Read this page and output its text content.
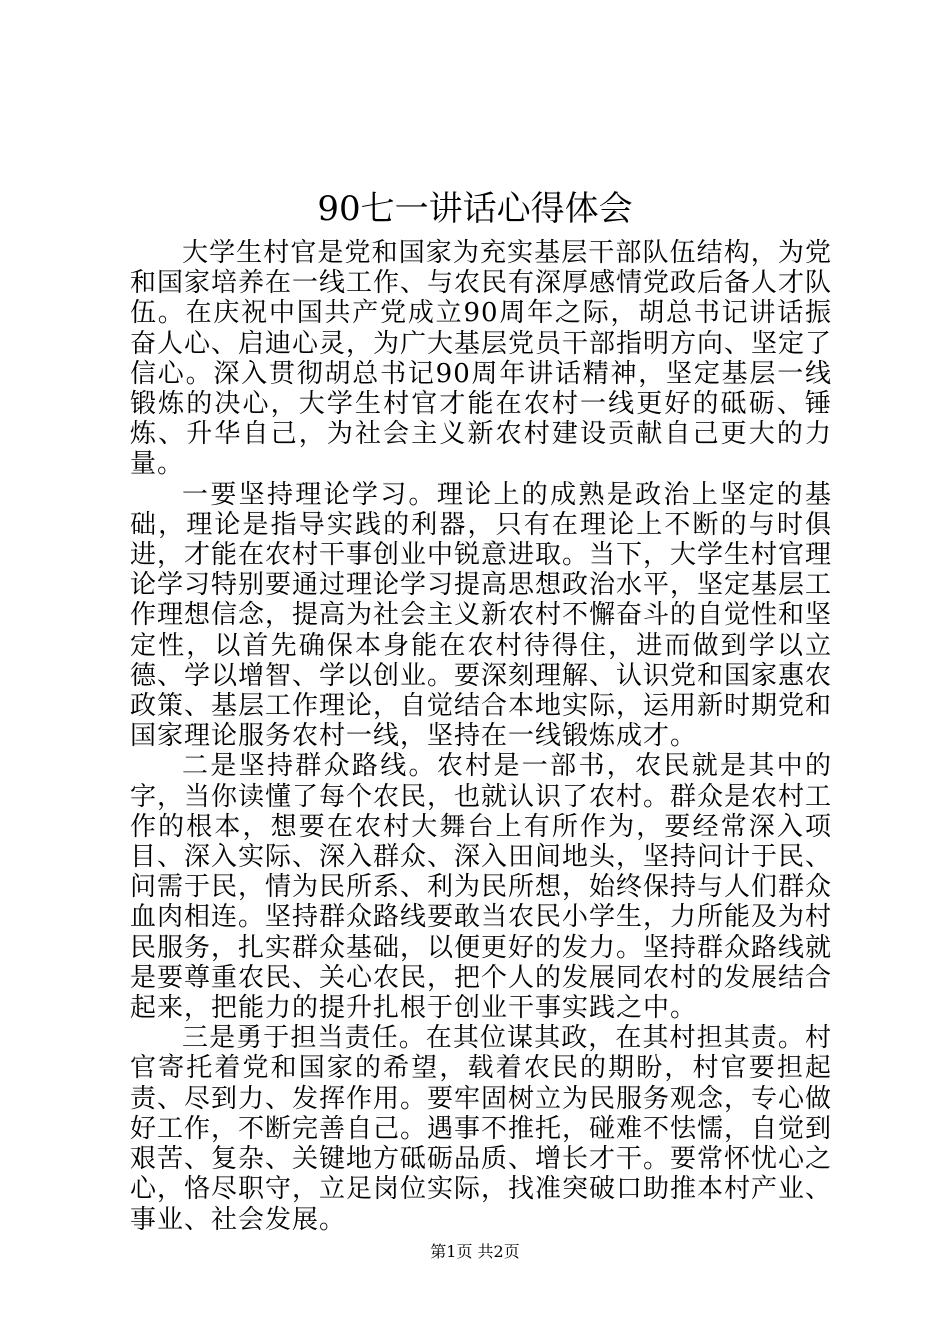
90七一讲话心得体会

大学生村官是党和国家为充实基层干部队伍结构，为党和国家培养在一线工作、与农民有深厚感情党政后备人才队伍。在庆祝中国共产党成立90周年之际，胡总书记讲话振奋人心、启迪心灵，为广大基层党员干部指明方向、坚定了信心。深入贯彻胡总书记90周年讲话精神，坚定基层一线锻炼的决心，大学生村官才能在农村一线更好的砥砺、锤炼、升华自己，为社会主义新农村建设贡献自己更大的力量。

一要坚持理论学习。理论上的成熟是政治上坚定的基础，理论是指导实践的利器，只有在理论上不断的与时俱进，才能在农村干事创业中锐意进取。当下，大学生村官理论学习特别要通过理论学习提高思想政治水平，坚定基层工作理想信念，提高为社会主义新农村不懈奋斗的自觉性和坚定性，以首先确保本身能在农村待得住，进而做到学以立德、学以增智、学以创业。要深刻理解、认识党和国家惠农政策、基层工作理论，自觉结合本地实际，运用新时期党和国家理论服务农村一线，坚持在一线锻炼成才。

二是坚持群众路线。农村是一部书，农民就是其中的字，当你读懂了每个农民，也就认识了农村。群众是农村工作的根本，想要在农村大舞台上有所作为，要经常深入项目、深入实际、深入群众、深入田间地头，坚持问计于民、问需于民，情为民所系、利为民所想，始终保持与人们群众血肉相连。坚持群众路线要敢当农民小学生，力所能及为村民服务，扎实群众基础，以便更好的发力。坚持群众路线就是要尊重农民、关心农民，把个人的发展同农村的发展结合起来，把能力的提升扎根于创业干事实践之中。

三是勇于担当责任。在其位谋其政，在其村担其责。村官寄托着党和国家的希望，载着农民的期盼，村官要担起责、尽到力、发挥作用。要牢固树立为民服务观念，专心做好工作，不断完善自己。遇事不推托，碰难不怯懦，自觉到艰苦、复杂、关键地方砥砺品质、增长才干。要常怀忧心之心，恪尽职守，立足岗位实际，找准突破口助推本村产业、事业、社会发展。

第1页 共2页
